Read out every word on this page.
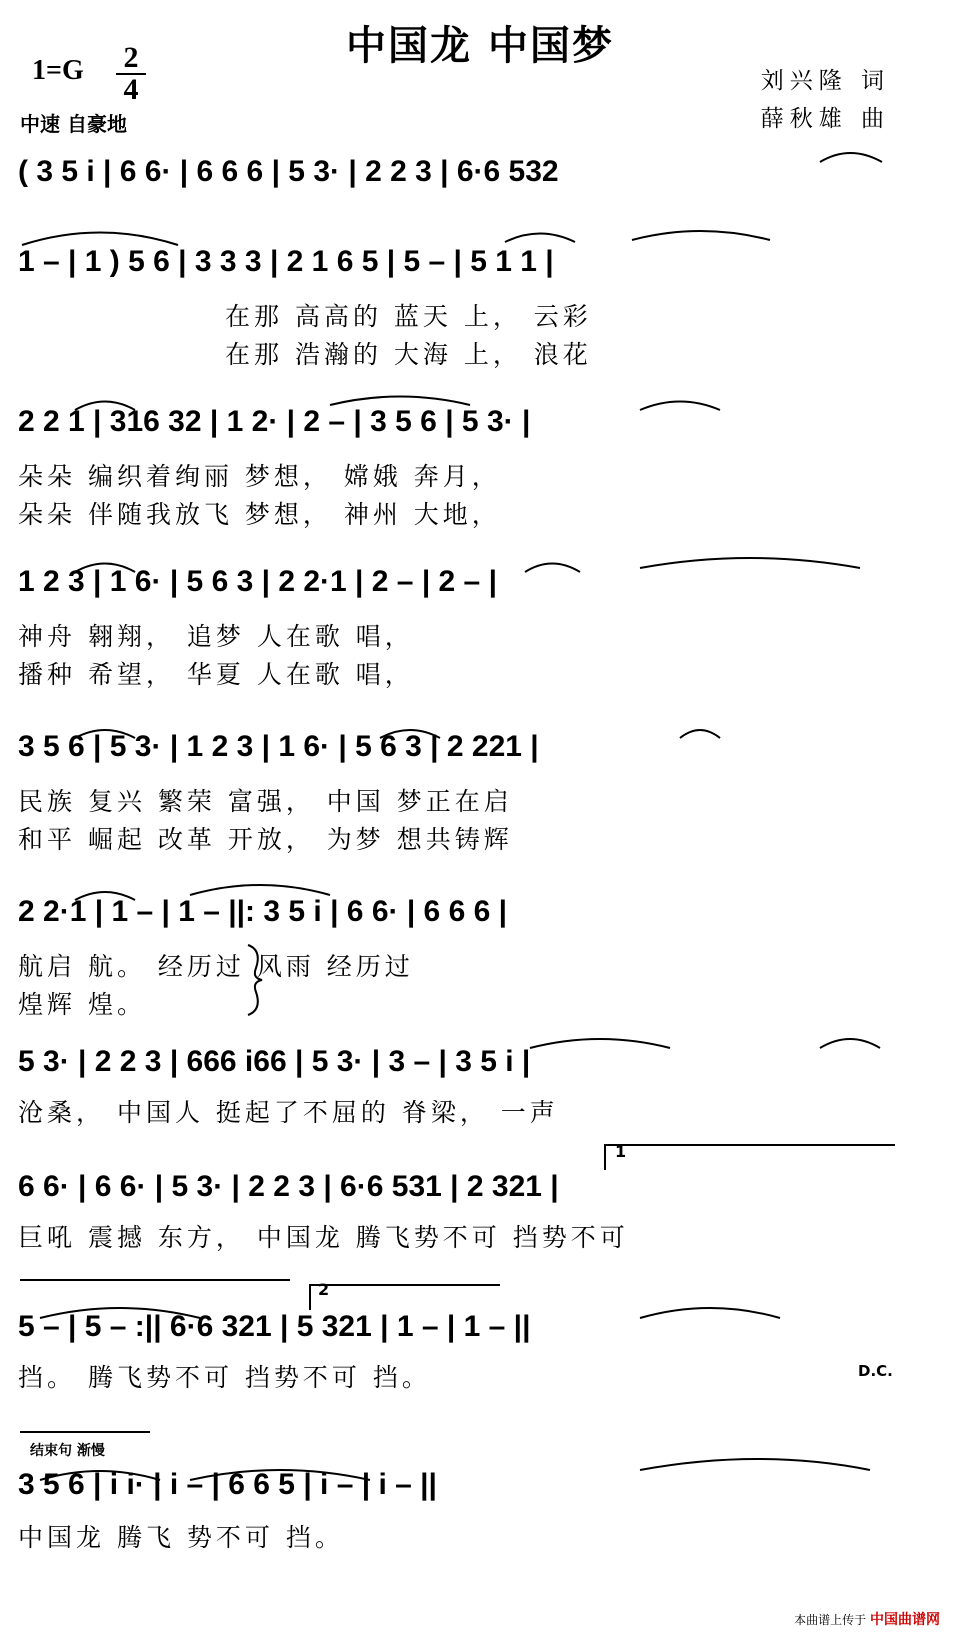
中国龙 中国梦
1=G 2
4
中速 自豪地
刘兴隆 词
薛秋雄 曲
( 3 5 i | 6 6· | 6 6 6 | 5 3· | 2 2 3 | 6·6 532
1 – | 1 ) 5 6 | 3 3 3 | 2 1 6 5 | 5 – | 5 1 1 |
在那 高高的 蓝天 上， 云彩
在那 浩瀚的 大海 上， 浪花
2 2 1 | 316 32 | 1 2· | 2 – | 3 5 6 | 5 3· |
朵朵 编织着绚丽 梦想， 嫦娥 奔月，
朵朵 伴随我放飞 梦想， 神州 大地，
1 2 3 | 1 6· | 5 6 3 | 2 2·1 | 2 – | 2 – |
神舟 翱翔， 追梦 人在歌 唱，
播种 希望， 华夏 人在歌 唱，
3 5 6 | 5 3· | 1 2 3 | 1 6· | 5 6 3 | 2 221 |
民族 复兴 繁荣 富强， 中国 梦正在启
和平 崛起 改革 开放， 为梦 想共铸辉
2 2·1 | 1 – | 1 – ||: 3 5 i | 6 6· | 6 6 6 |
航启 航。 经历过 风雨 经历过
煌辉 煌。
5 3· | 2 2 3 | 666 i66 | 5 3· | 3 – | 3 5 i |
沧桑， 中国人 挺起了不屈的 脊梁， 一声
6 6· | 6 6· | 5 3· | 2 2 3 | 6·6 531 | 2 321 |
巨吼 震撼 东方， 中国龙 腾飞势不可 挡势不可
1
5 – | 5 – :|| 6·6 321 | 5 321 | 1 – | 1 – ||
挡。 腾飞势不可 挡势不可 挡。
2
D.C.
结束句 渐慢
3 5 6 | i i· | i – | 6 6 5 | i – | i – ||
中国龙 腾飞 势不可 挡。
本曲谱上传于 中国曲谱网
